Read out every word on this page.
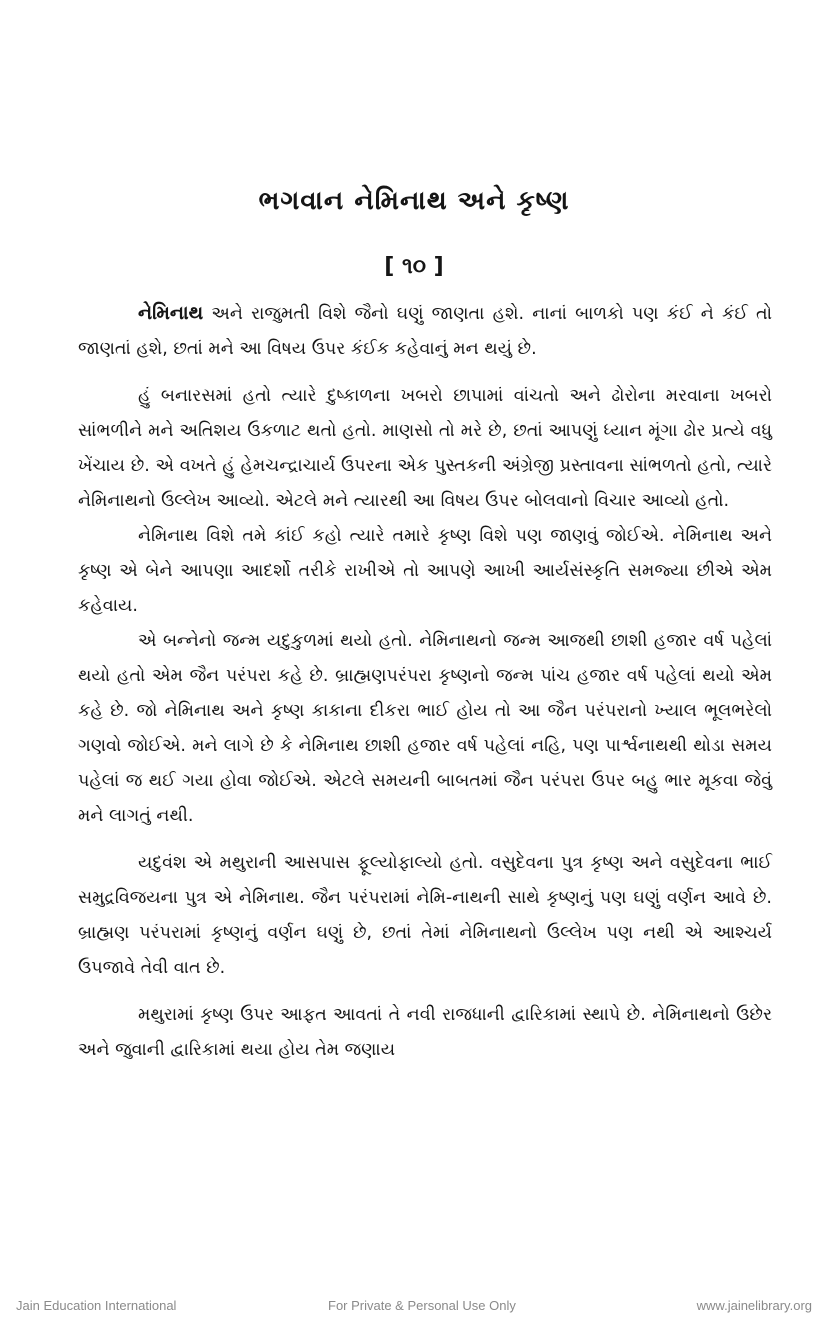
ભગવાન નેમિનાથ અને કૃષ્ણ
[ ૧૦ ]

નેમિનાથ અને રાજુમતી વિશે જૈનો ઘણું જાણતા હશે. નાનાં બાળકો પણ કંઈ ને કંઈ તો જાણતાં હશે, છતાં મને આ વિષય ઉપર કંઈક કહેવાનું મન થયું છે.

હું બનારસમાં હતો ત્યારે દુષ્કાળના ખબરો છાપામાં વાંચતો અને ઢોરોના મરવાના ખબરો સાંભળીને મને અતિશય ઉકળાટ થતો હતો. માણસો તો મરે છે, છતાં આપણું ધ્યાન મૂંગા ઢોર પ્રત્યે વધુ ખેંચાય છે. એ વખતે હું હેમચન્દ્રાચાર્ય ઉપરના એક પુસ્તકની અંગ્રેજી પ્રસ્તાવના સાંભળતો હતો, ત્યારે નેમિનાથનો ઉલ્લેખ આવ્યો. એટલે મને ત્યારથી આ વિષય ઉપર બોલવાનો વિચાર આવ્યો હતો.

નેમિનાથ વિશે તમે કાંઈ કહો ત્યારે તમારે કૃષ્ણ વિશે પણ જાણવું જોઈએ. નેમિનાથ અને કૃષ્ણ એ બેને આપણા આદર્શો તરીકે રાખીએ તો આપણે આખી આર્યસંસ્કૃતિ સમજ્યા છીએ એમ કહેવાય.

એ બન્નેનો જન્મ યદુકુળમાં થયો હતો. નેમિનાથનો જન્મ આજથી છાશી હજાર વર્ષ પહેલાં થયો હતો એમ જૈન પરંપરા કહે છે. બ્રાહ્મણપરંપરા કૃષ્ણનો જન્મ પાંચ હજાર વર્ષ પહેલાં થયો એમ કહે છે. જો નેમિનાથ અને કૃષ્ણ કાકાના દીકરા ભાઈ હોય તો આ જૈન પરંપરાનો ખ્યાલ ભૂલભરેલો ગણવો જોઈએ. મને લાગે છે કે નેમિનાથ છાશી હજાર વર્ષ પહેલાં નહિ, પણ પાર્શ્વનાથથી થોડા સમય પહેલાં જ થઈ ગયા હોવા જોઈએ. એટલે સમયની બાબતમાં જૈન પરંપરા ઉપર બહુ ભાર મૂકવા જેવું મને લાગતું નથી.

યદુવંશ એ મથુરાની આસપાસ ફૂલ્યોફાલ્યો હતો. વસુદેવના પુત્ર કૃષ્ણ અને વસુદેવના ભાઈ સમુદ્રવિજયના પુત્ર એ નેમિનાથ. જૈન પરંપરામાં નેમિ-નાથની સાથે કૃષ્ણનું પણ ઘણું વર્ણન આવે છે. બ્રાહ્મણ પરંપરામાં કૃષ્ણનું વર્ણન ઘણું છે, છતાં તેમાં નેમિનાથનો ઉલ્લેખ પણ નથી એ આશ્ચર્ય ઉપજાવે તેવી વાત છે.

મથુરામાં કૃષ્ણ ઉપર આફત આવતાં તે નવી રાજધાની દ્વારિકામાં સ્થાપે છે. નેમિનાથનો ઉછેર અને જુવાની દ્વારિકામાં થયા હોય તેમ જણાય

Jain Education International	For Private & Personal Use Only	www.jainelibrary.org
